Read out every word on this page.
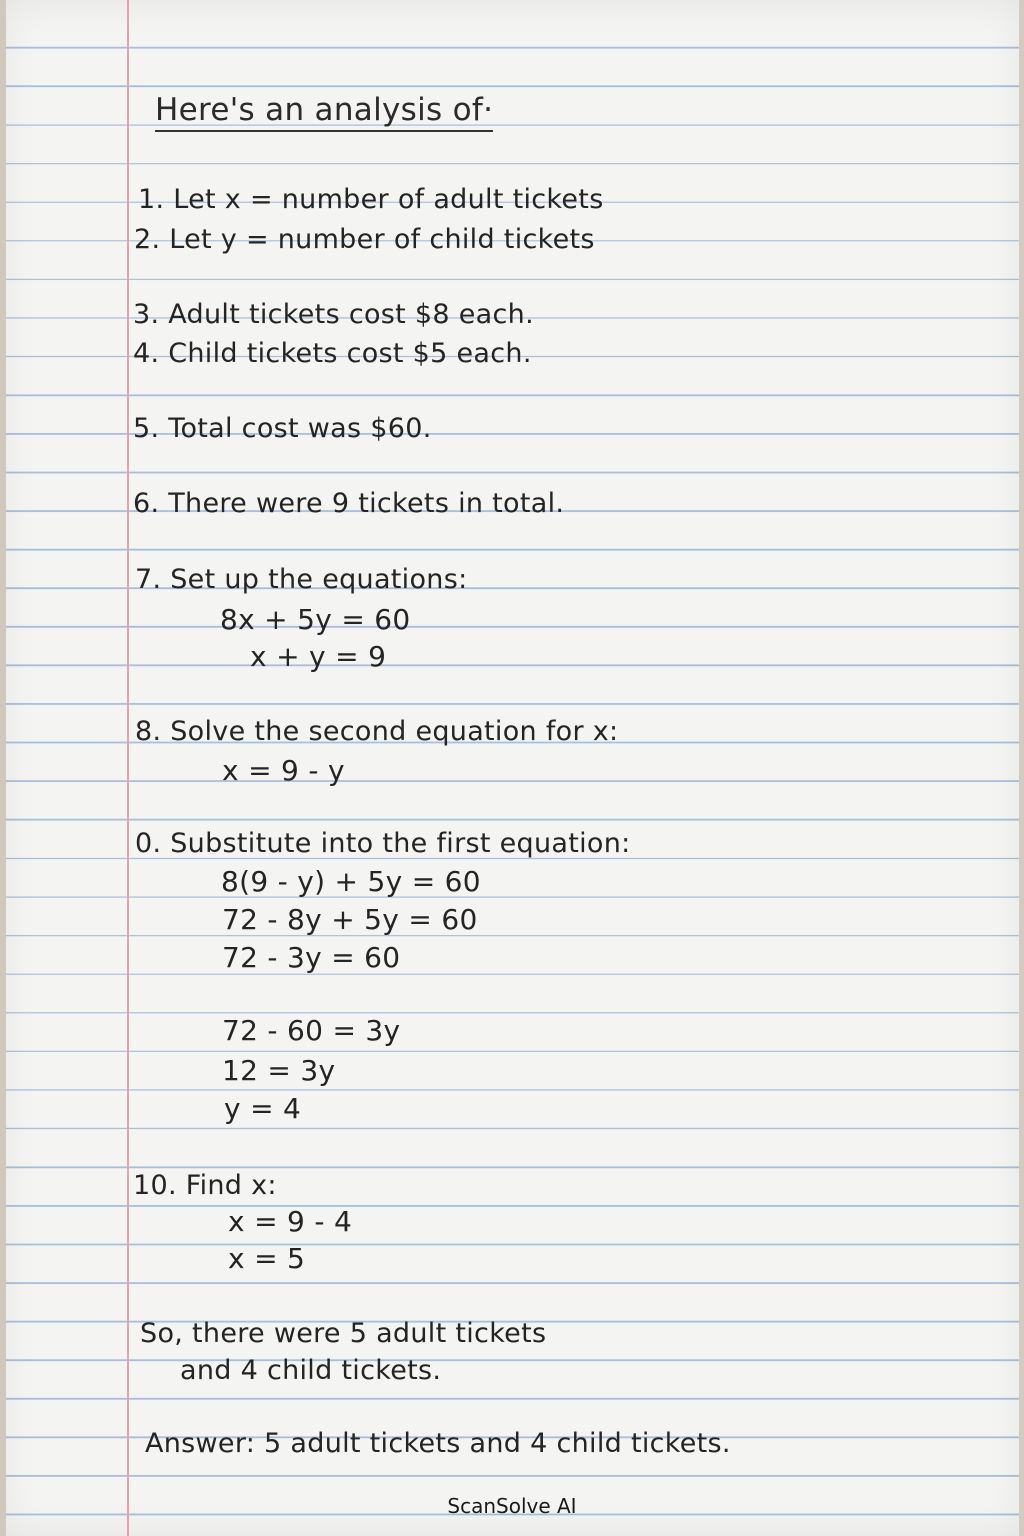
Here's an analysis of·
1. Let x = number of adult tickets
2. Let y = number of child tickets
3. Adult tickets cost $8 each.
4. Child tickets cost $5 each.
5. Total cost was $60.
6. There were 9 tickets in total.
7. Set up the equations:
8x + 5y = 60
x + y = 9
8. Solve the second equation for x:
x = 9 - y
0. Substitute into the first equation:
8(9 - y) + 5y = 60
72 - 8y + 5y = 60
72 - 3y = 60
72 - 60 = 3y
12 = 3y
y = 4
10. Find x:
x = 9 - 4
x = 5
So, there were 5 adult tickets
and 4 child tickets.
Answer: 5 adult tickets and 4 child tickets.
ScanSolve AI
